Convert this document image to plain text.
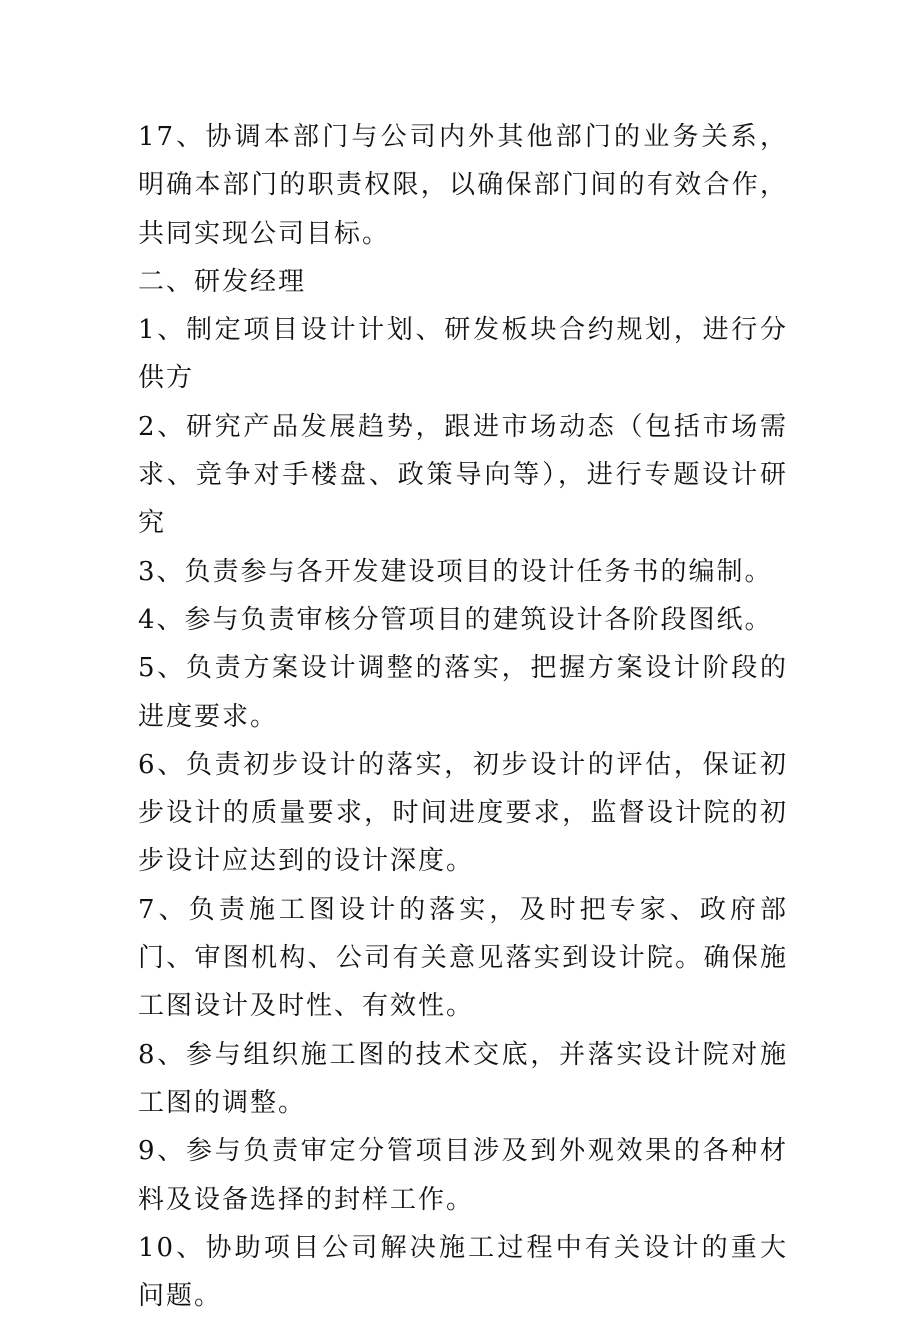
17、协调本部门与公司内外其他部门的业务关系，明确本部门的职责权限，以确保部门间的有效合作，共同实现公司目标。

二、研发经理

1、制定项目设计计划、研发板块合约规划，进行分供方

2、研究产品发展趋势，跟进市场动态（包括市场需求、竞争对手楼盘、政策导向等），进行专题设计研究

3、负责参与各开发建设项目的设计任务书的编制。

4、参与负责审核分管项目的建筑设计各阶段图纸。

5、负责方案设计调整的落实，把握方案设计阶段的进度要求。

6、负责初步设计的落实，初步设计的评估，保证初步设计的质量要求，时间进度要求，监督设计院的初步设计应达到的设计深度。

7、负责施工图设计的落实，及时把专家、政府部门、审图机构、公司有关意见落实到设计院。确保施工图设计及时性、有效性。

8、参与组织施工图的技术交底，并落实设计院对施工图的调整。

9、参与负责审定分管项目涉及到外观效果的各种材料及设备选择的封样工作。

10、协助项目公司解决施工过程中有关设计的重大问题。
